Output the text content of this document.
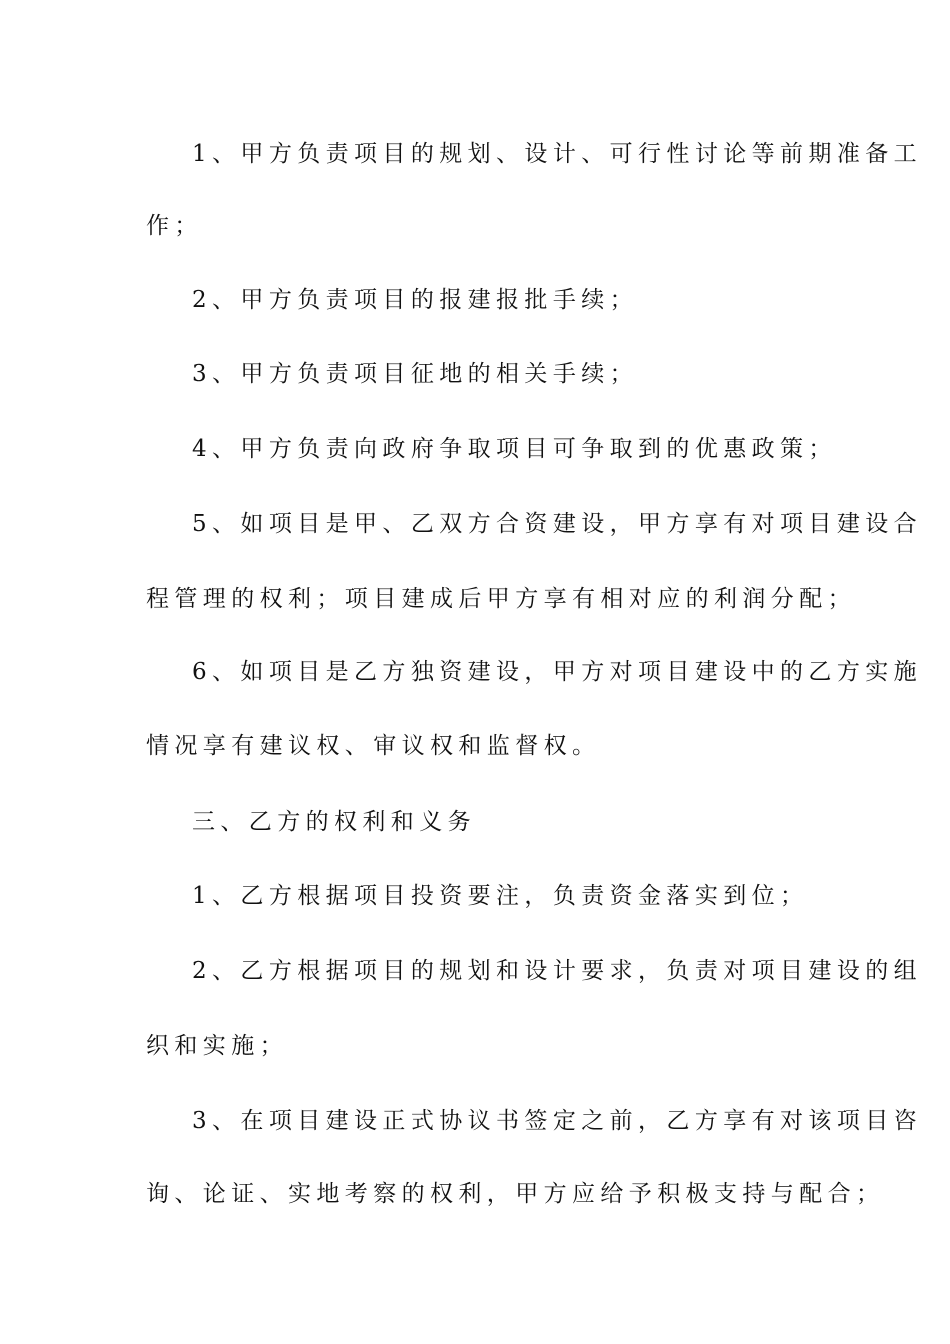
1、甲方负责项目的规划、设计、可行性讨论等前期准备工
作；
2、甲方负责项目的报建报批手续；
3、甲方负责项目征地的相关手续；
4、甲方负责向政府争取项目可争取到的优惠政策；
5、如项目是甲、乙双方合资建设，甲方享有对项目建设合
程管理的权利；项目建成后甲方享有相对应的利润分配；
6、如项目是乙方独资建设，甲方对项目建设中的乙方实施
情况享有建议权、审议权和监督权。
三、乙方的权利和义务
1、乙方根据项目投资要注，负责资金落实到位；
2、乙方根据项目的规划和设计要求，负责对项目建设的组
织和实施；
3、在项目建设正式协议书签定之前，乙方享有对该项目咨
询、论证、实地考察的权利，甲方应给予积极支持与配合；
